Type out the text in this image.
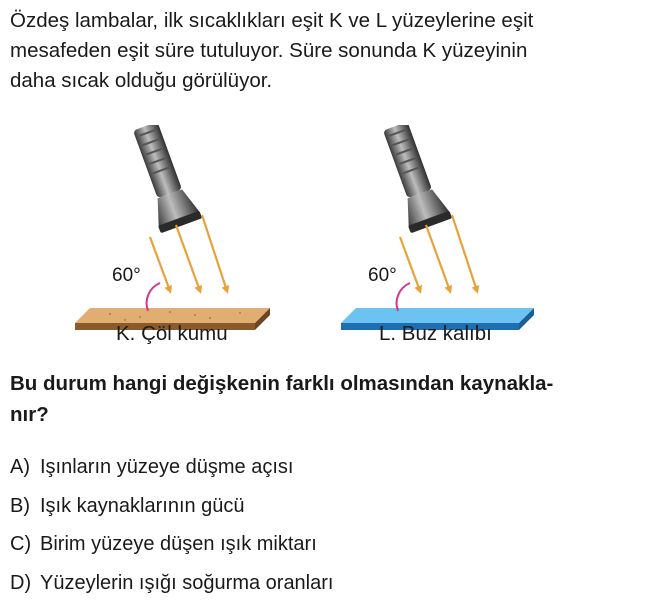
Özdeş lambalar, ilk sıcaklıkları eşit K ve L yüzeylerine eşit
mesafeden eşit süre tutuluyor. Süre sonunda K yüzeyinin
daha sıcak olduğu görülüyor.
60°	60°
K. Çöl kumu	L. Buz kalıbı
Bu durum hangi değişkenin farklı olmasından kaynakla-
nır?
A) Işınların yüzeye düşme açısı
B) Işık kaynaklarının gücü
C) Birim yüzeye düşen ışık miktarı
D) Yüzeylerin ışığı soğurma oranları
